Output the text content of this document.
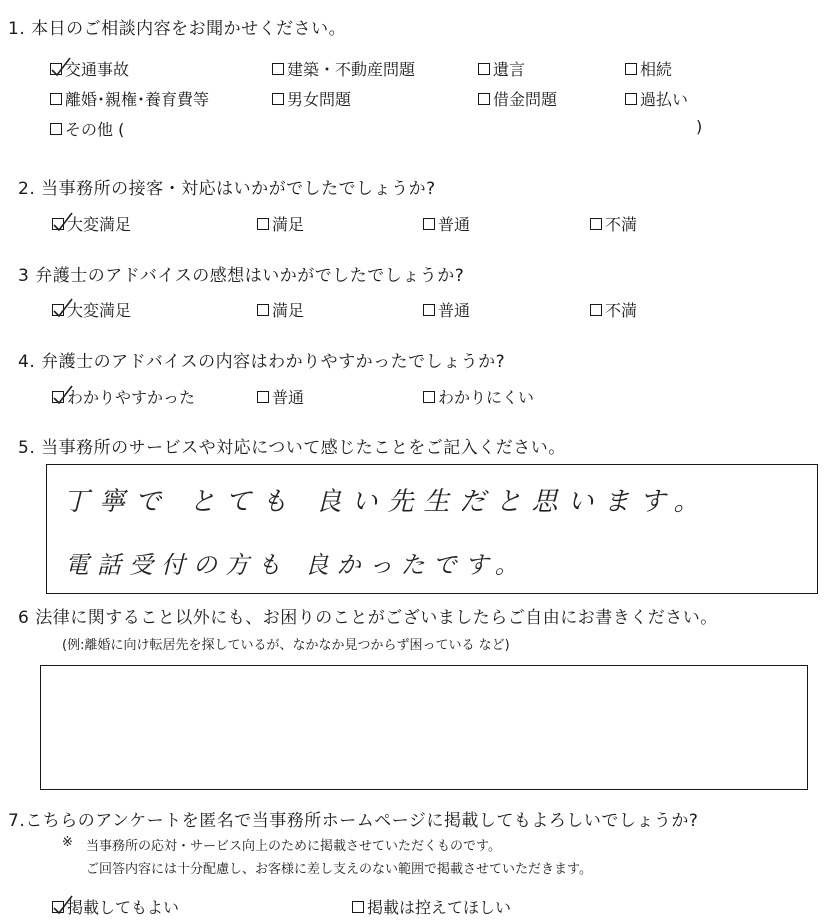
1. 本日のご相談内容をお聞かせください。
交通事故	建築・不動産問題	遺言	相続
離婚･親権･養育費等	男女問題	借金問題	過払い
その他 (	)
2. 当事務所の接客・対応はいかがでしたでしょうか?
大変満足	満足	普通	不満
3 弁護士のアドバイスの感想はいかがでしたでしょうか?
大変満足	満足	普通	不満
4. 弁護士のアドバイスの内容はわかりやすかったでしょうか?
わかりやすかった	普通	わかりにくい
5. 当事務所のサービスや対応について感じたことをご記入ください。
丁寧で とても 良い先生だと思います。
電話受付の方も 良かったです。
6 法律に関すること以外にも、お困りのことがございましたらご自由にお書きください。
(例:離婚に向け転居先を探しているが、なかなか見つからず困っている など)
7.こちらのアンケートを匿名で当事務所ホームページに掲載してもよろしいでしょうか?
※ 当事務所の応対・サービス向上のために掲載させていただくものです。
ご回答内容には十分配慮し、お客様に差し支えのない範囲で掲載させていただきます。
掲載してもよい	掲載は控えてほしい
